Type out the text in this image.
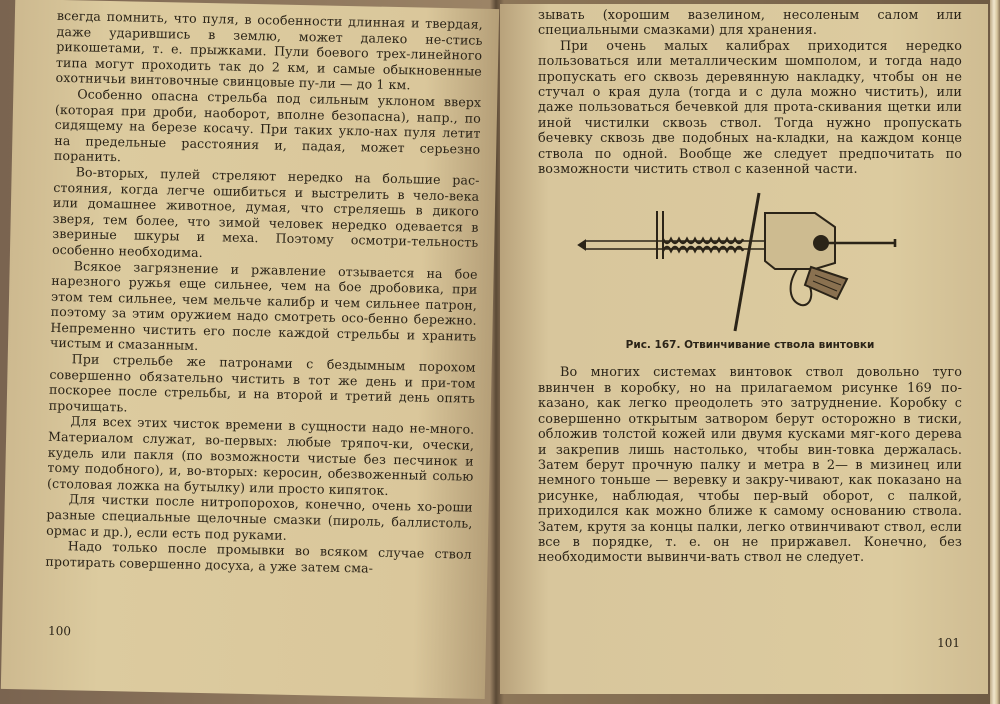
всегда помнить, что пуля, в особенности длинная и твердая, даже ударившись в землю, может далеко не-стись рикошетами, т. е. прыжками. Пули боевого трех-линейного типа могут проходить так до 2 км, и самые обыкновенные охотничьи винтовочные свинцовые пу-ли — до 1 км.

Особенно опасна стрельба под сильным уклоном вверх (которая при дроби, наоборот, вполне безопасна), напр., по сидящему на березе косачу. При таких укло-нах пуля летит на предельные расстояния и, падая, может серьезно поранить.

Во-вторых, пулей стреляют нередко на большие рас-стояния, когда легче ошибиться и выстрелить в чело-века или домашнее животное, думая, что стреляешь в дикого зверя, тем более, что зимой человек нередко одевается в звериные шкуры и меха. Поэтому осмотри-тельность особенно необходима.

Всякое загрязнение и ржавление отзывается на бое нарезного ружья еще сильнее, чем на бое дробовика, при этом тем сильнее, чем мельче калибр и чем сильнее патрон, поэтому за этим оружием надо смотреть осо-бенно бережно. Непременно чистить его после каждой стрельбы и хранить чистым и смазанным.

При стрельбе же патронами с бездымным порохом совершенно обязательно чистить в тот же день и при-том поскорее после стрельбы, и на второй и третий день опять прочищать.

Для всех этих чисток времени в сущности надо не-много. Материалом служат, во-первых: любые тряпоч-ки, очески, кудель или пакля (по возможности чистые без песчинок и тому подобного), и, во-вторых: керосин, обезвоженный солью (столовая ложка на бутылку) или просто кипяток.

Для чистки после нитропорохов, конечно, очень хо-роши разные специальные щелочные смазки (пироль, баллистоль, ормас и др.), если есть под руками.

Надо только после промывки во всяком случае ствол протирать совершенно досуха, а уже затем сма-

100

зывать (хорошим вазелином, несоленым салом или специальными смазками) для хранения.

При очень малых калибрах приходится нередко пользоваться или металлическим шомполом, и тогда надо пропускать его сквозь деревянную накладку, чтобы он не стучал о края дула (тогда и с дула можно чистить), или даже пользоваться бечевкой для прота-скивания щетки или иной чистилки сквозь ствол. Тогда нужно пропускать бечевку сквозь две подобных на-кладки, на каждом конце ствола по одной. Вообще же следует предпочитать по возможности чистить ствол с казенной части.

Рис. 167. Отвинчивание ствола винтовки

Во многих системах винтовок ствол довольно туго ввинчен в коробку, но на прилагаемом рисунке 169 по-казано, как легко преодолеть это затруднение. Коробку с совершенно открытым затвором берут осторожно в тиски, обложив толстой кожей или двумя кусками мяг-кого дерева и закрепив лишь настолько, чтобы вин-товка держалась. Затем берут прочную палку и метра в 2— в мизинец или немного тоньше — веревку и закру-чивают, как показано на рисунке, наблюдая, чтобы пер-вый оборот, с палкой, приходился как можно ближе к самому основанию ствола. Затем, крутя за концы палки, легко отвинчивают ствол, если все в порядке, т. е. он не приржавел. Конечно, без необходимости вывинчи-вать ствол не следует.

101
